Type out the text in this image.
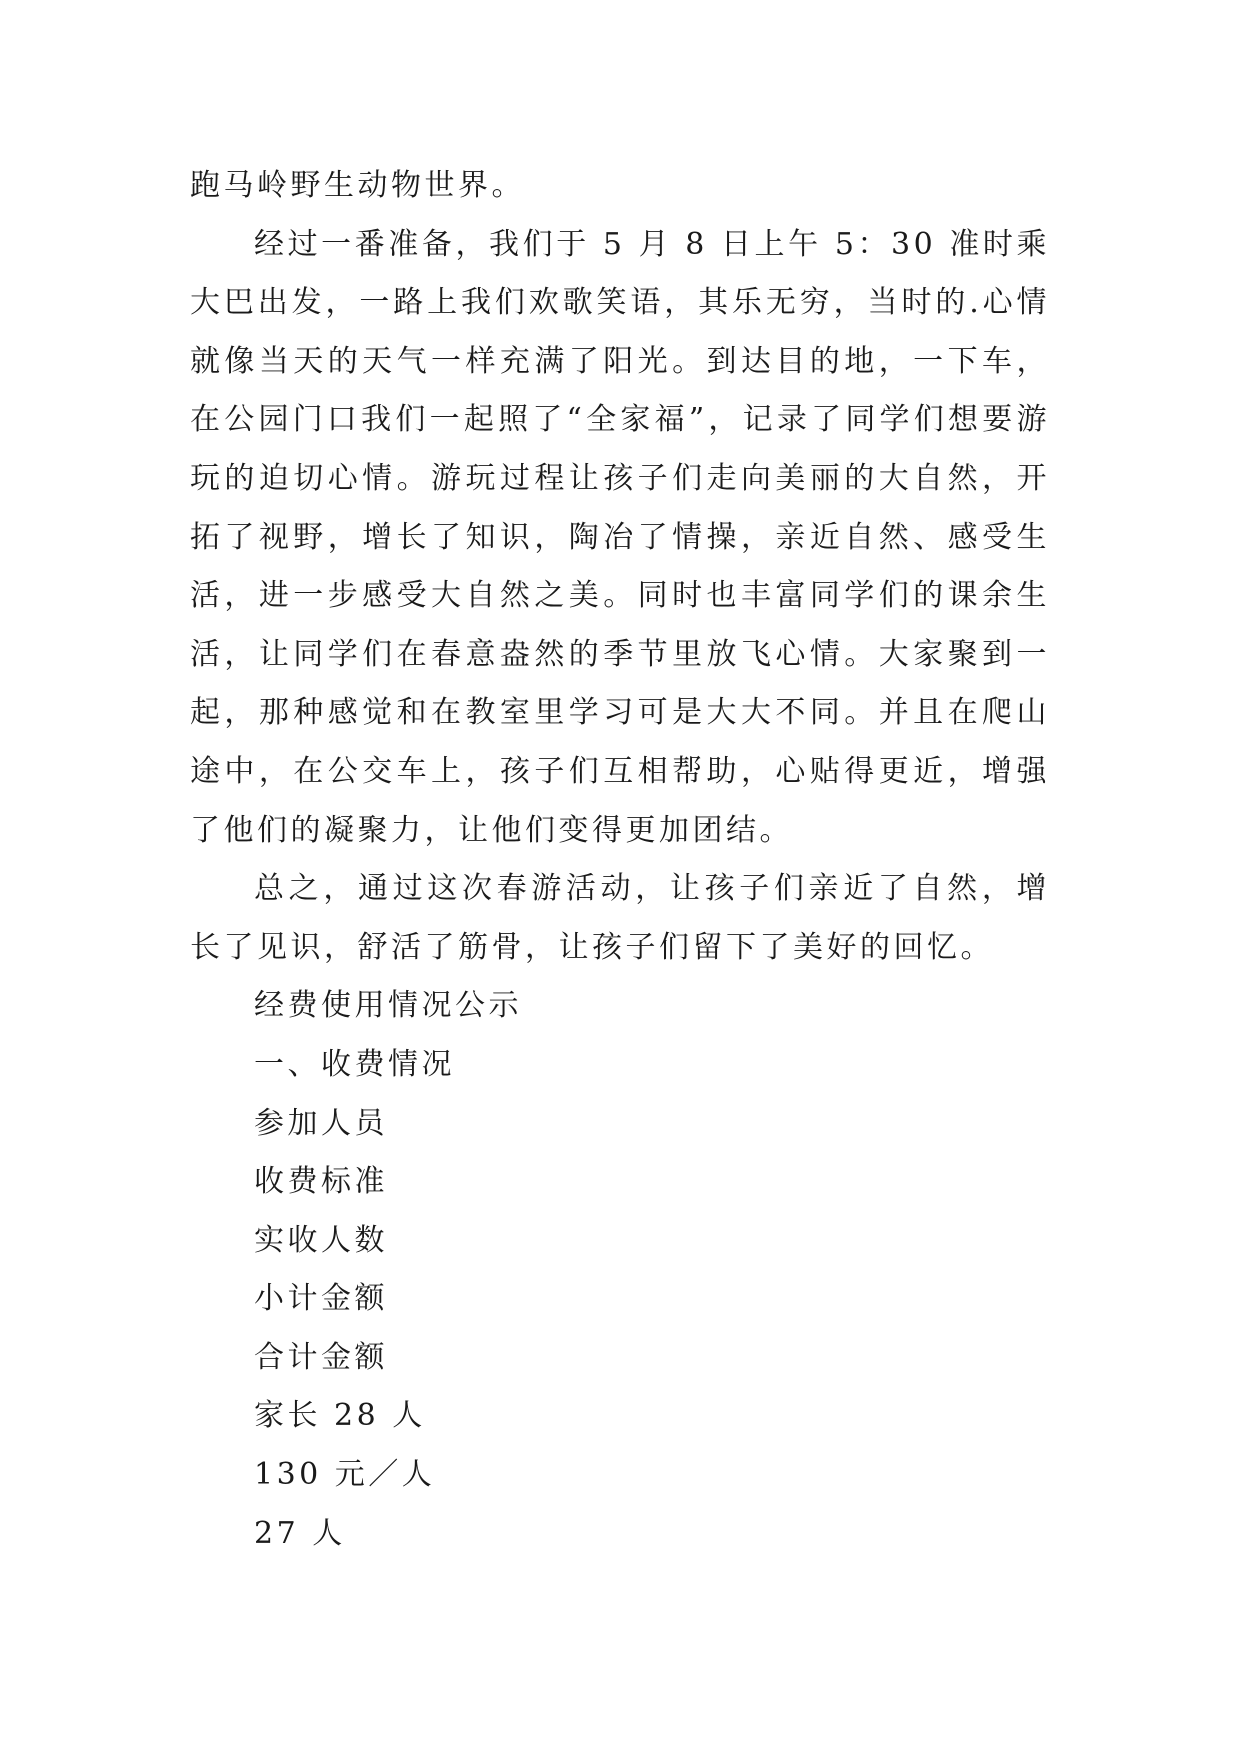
跑马岭野生动物世界。

经过一番准备，我们于 5 月 8 日上午 5：30 准时乘大巴出发，一路上我们欢歌笑语，其乐无穷，当时的.心情就像当天的天气一样充满了阳光。到达目的地，一下车，在公园门口我们一起照了“全家福”，记录了同学们想要游玩的迫切心情。游玩过程让孩子们走向美丽的大自然，开拓了视野，增长了知识，陶冶了情操，亲近自然、感受生活，进一步感受大自然之美。同时也丰富同学们的课余生活，让同学们在春意盎然的季节里放飞心情。大家聚到一起，那种感觉和在教室里学习可是大大不同。并且在爬山途中，在公交车上，孩子们互相帮助，心贴得更近，增强了他们的凝聚力，让他们变得更加团结。

总之，通过这次春游活动，让孩子们亲近了自然，增长了见识，舒活了筋骨，让孩子们留下了美好的回忆。

经费使用情况公示

一、收费情况

参加人员

收费标准

实收人数

小计金额

合计金额

家长 28 人

130 元／人

27 人
